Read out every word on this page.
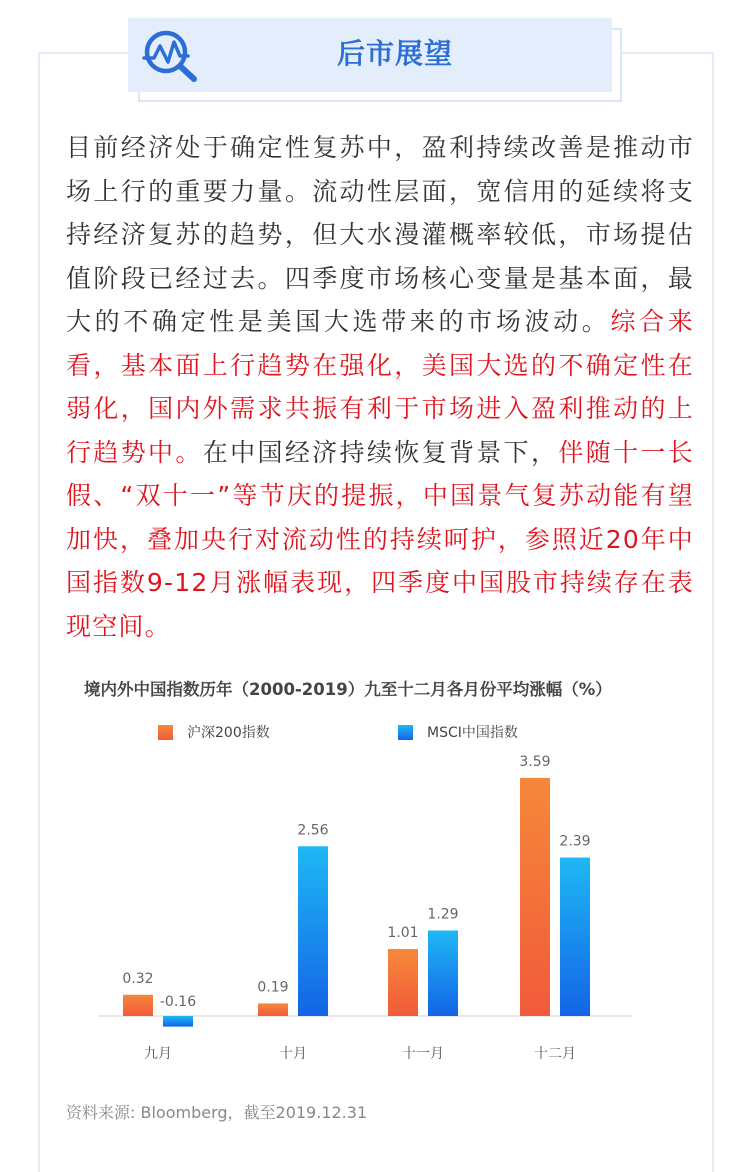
后市展望
目前经济处于确定性复苏中，盈利持续改善是推动市场上行的重要力量。流动性层面，宽信用的延续将支持经济复苏的趋势，但大水漫灌概率较低，市场提估值阶段已经过去。四季度市场核心变量是基本面，最大的不确定性是美国大选带来的市场波动。综合来看，基本面上行趋势在强化，美国大选的不确定性在弱化，国内外需求共振有利于市场进入盈利推动的上行趋势中。在中国经济持续恢复背景下，伴随十一长假、“双十一”等节庆的提振，中国景气复苏动能有望加快，叠加央行对流动性的持续呵护，参照近20年中国指数9-12月涨幅表现，四季度中国股市持续存在表现空间。
境内外中国指数历年（2000-2019）九至十二月各月份平均涨幅（%）
沪深200指数	MSCI中国指数
0.32
-0.16
九月
0.19
2.56
十月
1.01
1.29
十一月
3.59
2.39
十二月
资料来源: Bloomberg，截至2019.12.31
